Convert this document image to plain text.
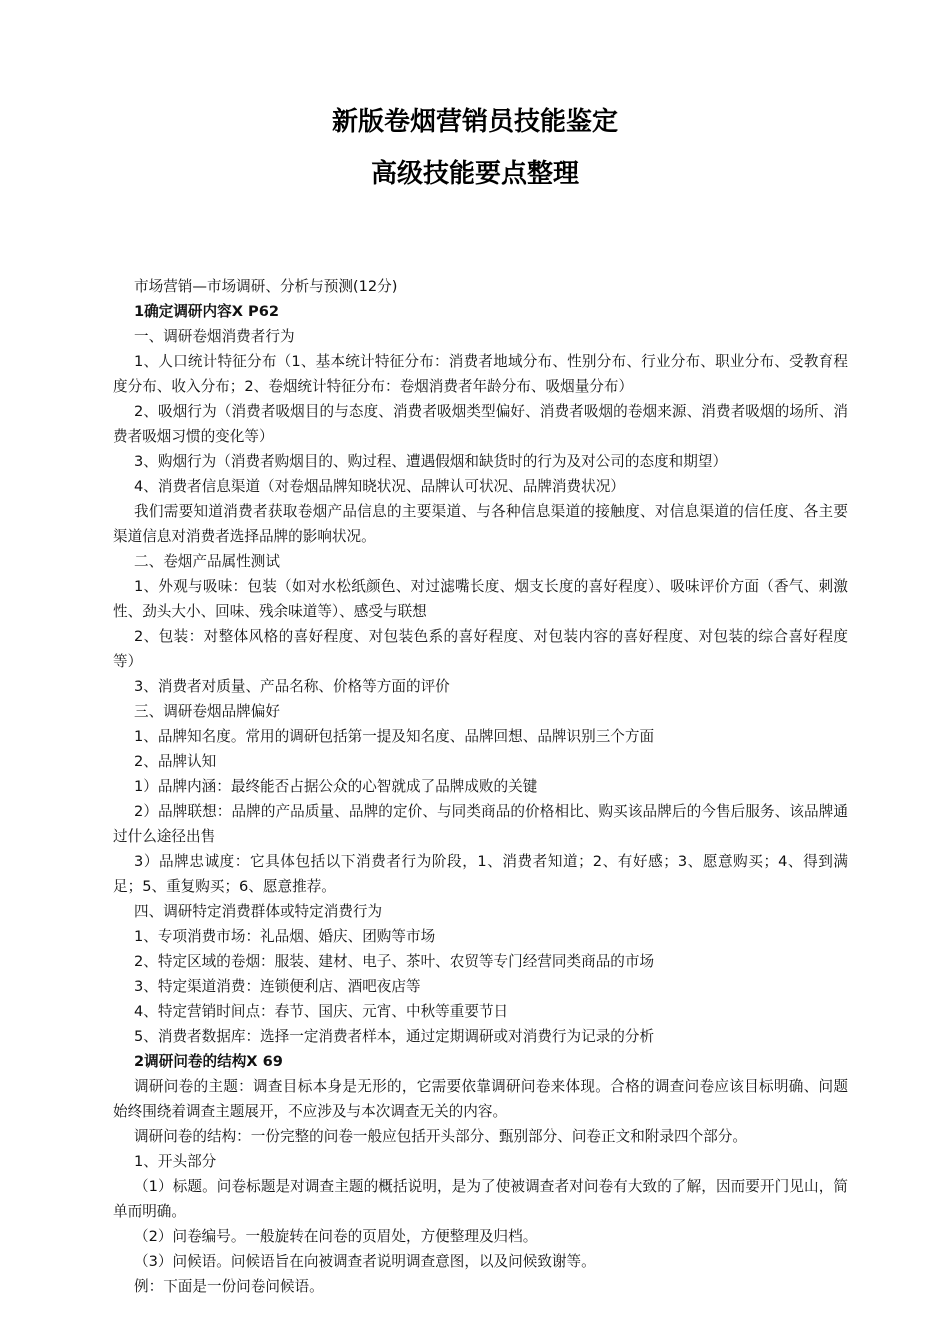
新版卷烟营销员技能鉴定
高级技能要点整理

市场营销—市场调研、分析与预测(12分)

1确定调研内容X P62

一、调研卷烟消费者行为

1、人口统计特征分布（1、基本统计特征分布：消费者地域分布、性别分布、行业分布、职业分布、受教育程度分布、收入分布；2、卷烟统计特征分布：卷烟消费者年龄分布、吸烟量分布）

2、吸烟行为（消费者吸烟目的与态度、消费者吸烟类型偏好、消费者吸烟的卷烟来源、消费者吸烟的场所、消费者吸烟习惯的变化等）

3、购烟行为（消费者购烟目的、购过程、遭遇假烟和缺货时的行为及对公司的态度和期望）

4、消费者信息渠道（对卷烟品牌知晓状况、品牌认可状况、品牌消费状况）

我们需要知道消费者获取卷烟产品信息的主要渠道、与各种信息渠道的接触度、对信息渠道的信任度、各主要渠道信息对消费者选择品牌的影响状况。

二、卷烟产品属性测试

1、外观与吸味：包装（如对水松纸颜色、对过滤嘴长度、烟支长度的喜好程度）、吸味评价方面（香气、刺激性、劲头大小、回味、残余味道等）、感受与联想

2、包装：对整体风格的喜好程度、对包装色系的喜好程度、对包装内容的喜好程度、对包装的综合喜好程度等）

3、消费者对质量、产品名称、价格等方面的评价

三、调研卷烟品牌偏好

1、品牌知名度。常用的调研包括第一提及知名度、品牌回想、品牌识别三个方面

2、品牌认知

1）品牌内涵：最终能否占据公众的心智就成了品牌成败的关键

2）品牌联想：品牌的产品质量、品牌的定价、与同类商品的价格相比、购买该品牌后的今售后服务、该品牌通过什么途径出售

3）品牌忠诚度：它具体包括以下消费者行为阶段，1、消费者知道；2、有好感；3、愿意购买；4、得到满足；5、重复购买；6、愿意推荐。

四、调研特定消费群体或特定消费行为

1、专项消费市场：礼品烟、婚庆、团购等市场

2、特定区域的卷烟：服装、建材、电子、茶叶、农贸等专门经营同类商品的市场

3、特定渠道消费：连锁便利店、酒吧夜店等

4、特定营销时间点：春节、国庆、元宵、中秋等重要节日

5、消费者数据库：选择一定消费者样本，通过定期调研或对消费行为记录的分析

2调研问卷的结构X 69

调研问卷的主题：调查目标本身是无形的，它需要依靠调研问卷来体现。合格的调查问卷应该目标明确、问题始终围绕着调查主题展开，不应涉及与本次调查无关的内容。

调研问卷的结构：一份完整的问卷一般应包括开头部分、甄别部分、问卷正文和附录四个部分。

1、开头部分

（1）标题。问卷标题是对调查主题的概括说明，是为了使被调查者对问卷有大致的了解，因而要开门见山，简单而明确。

（2）问卷编号。一般旋转在问卷的页眉处，方便整理及归档。

（3）问候语。问候语旨在向被调查者说明调查意图，以及问候致谢等。

例：下面是一份问卷问候语。
